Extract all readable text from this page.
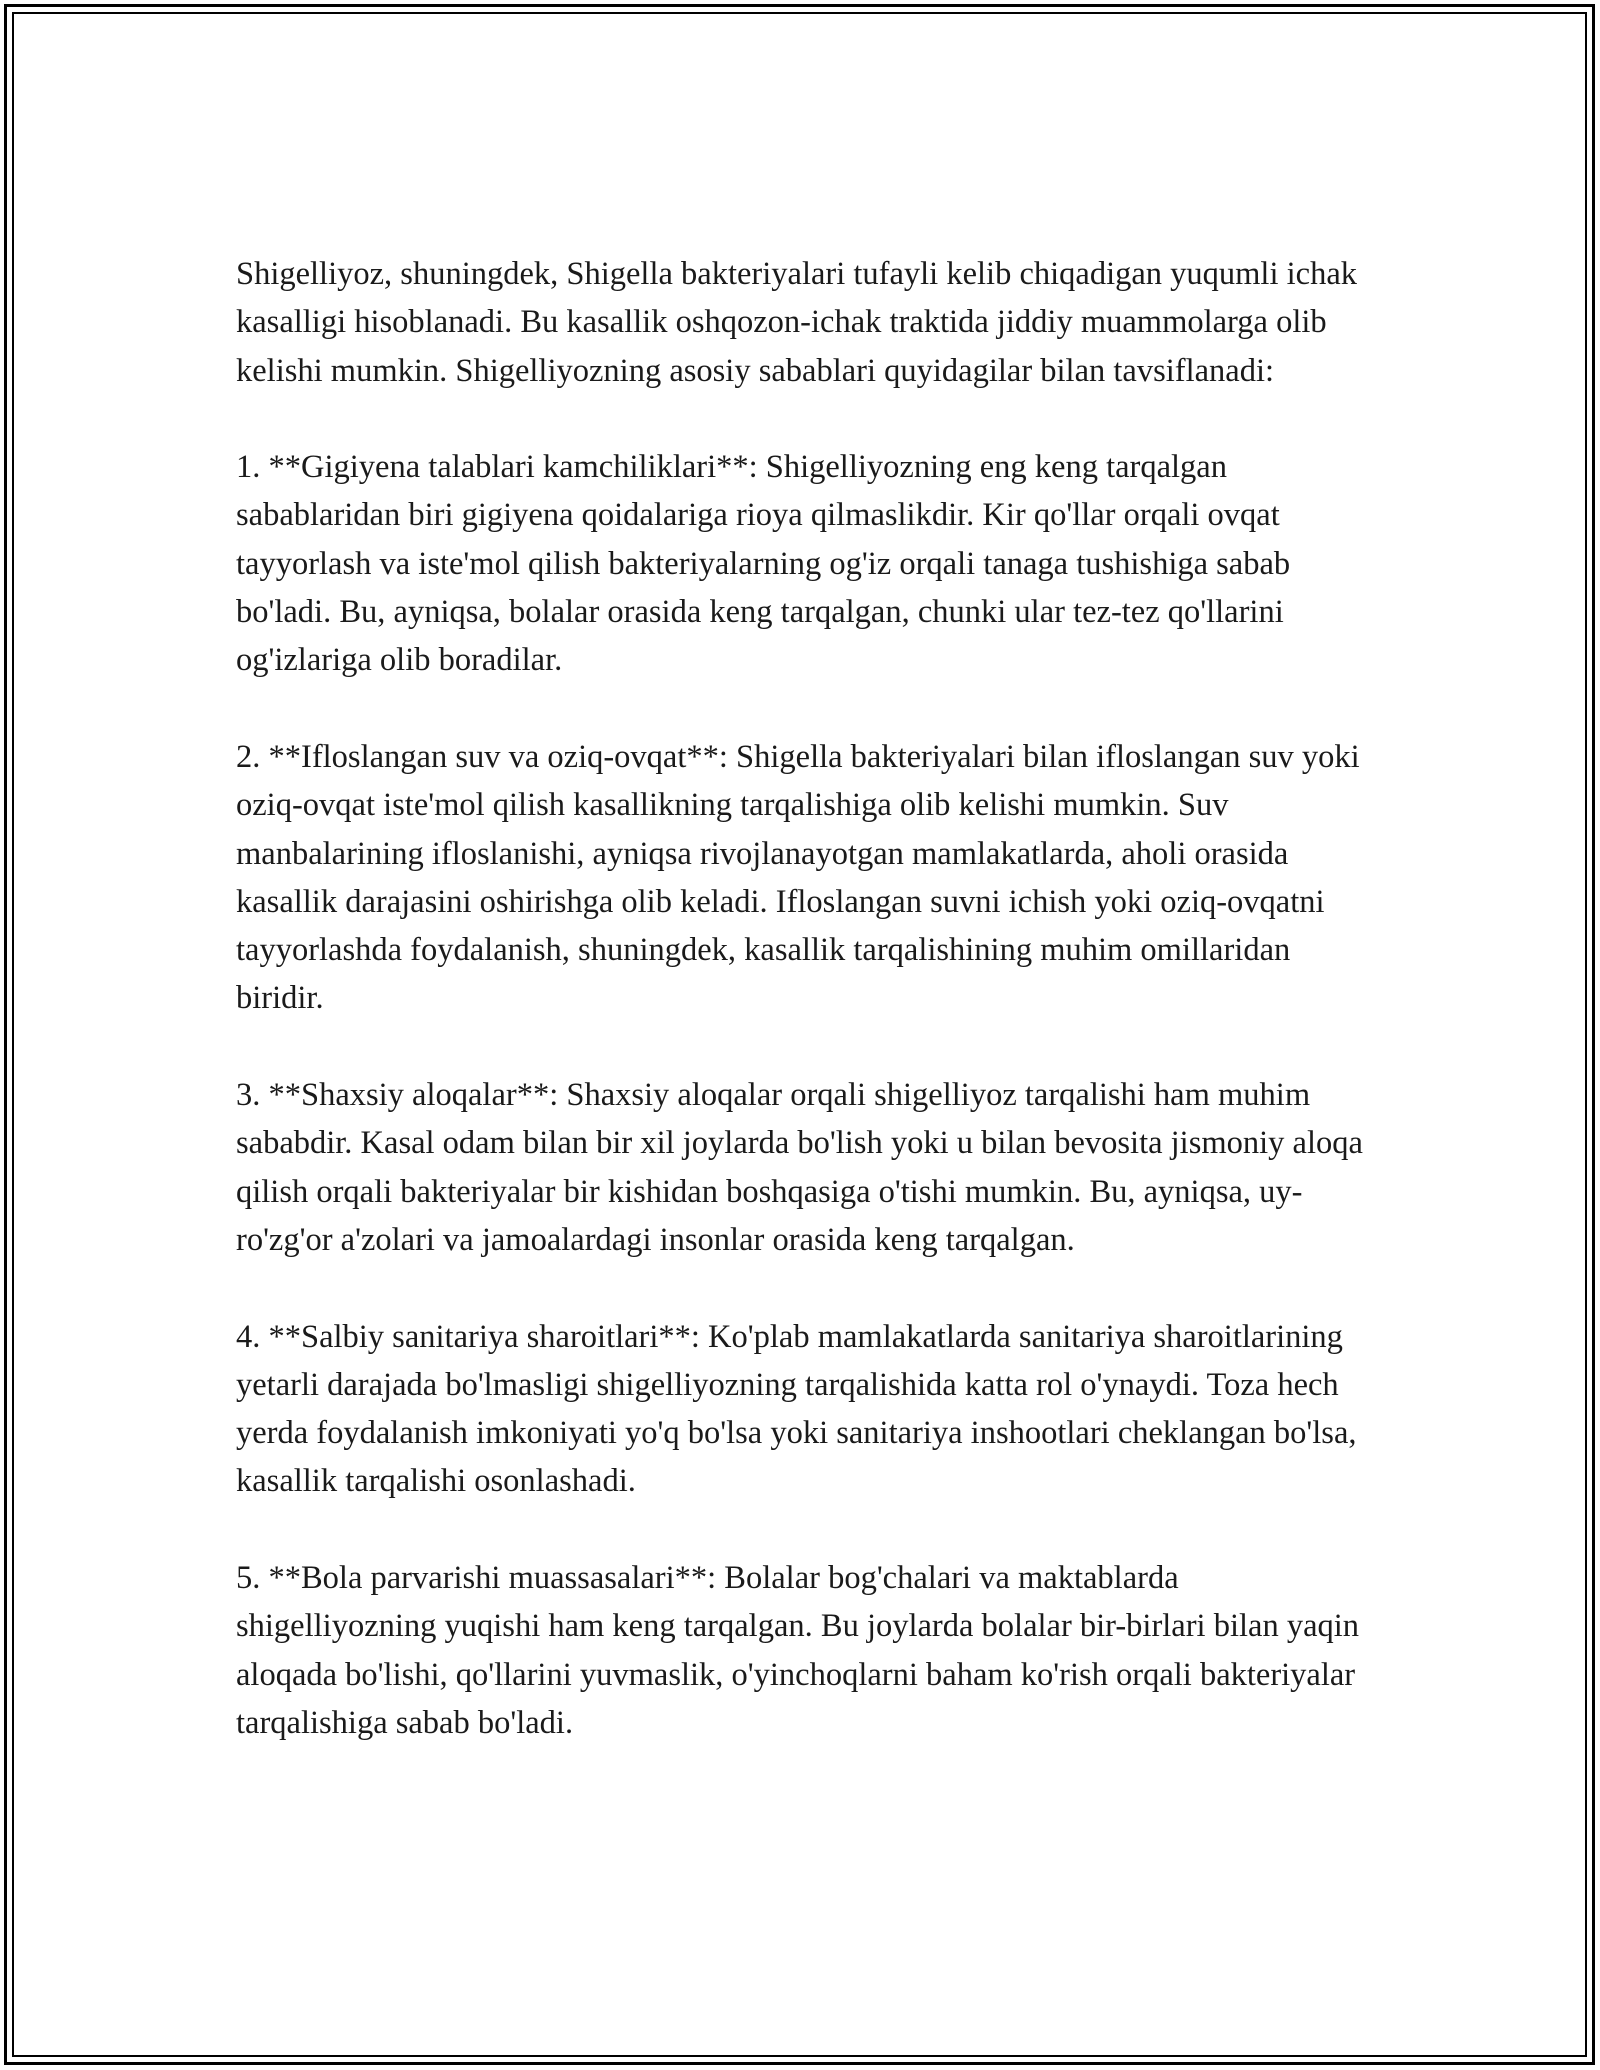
Shigelliyoz, shuningdek, Shigella bakteriyalari tufayli kelib chiqadigan yuqumli ichak kasalligi hisoblanadi. Bu kasallik oshqozon-ichak traktida jiddiy muammolarga olib kelishi mumkin. Shigelliyozning asosiy sabablari quyidagilar bilan tavsiflanadi:

1. **Gigiyena talablari kamchiliklari**: Shigelliyozning eng keng tarqalgan sabablaridan biri gigiyena qoidalariga rioya qilmaslikdir. Kir qo'llar orqali ovqat tayyorlash va iste'mol qilish bakteriyalarning og'iz orqali tanaga tushishiga sabab bo'ladi. Bu, ayniqsa, bolalar orasida keng tarqalgan, chunki ular tez-tez qo'llarini og'izlariga olib boradilar.

2. **Ifloslangan suv va oziq-ovqat**: Shigella bakteriyalari bilan ifloslangan suv yoki oziq-ovqat iste'mol qilish kasallikning tarqalishiga olib kelishi mumkin. Suv manbalarining ifloslanishi, ayniqsa rivojlanayotgan mamlakatlarda, aholi orasida kasallik darajasini oshirishga olib keladi. Ifloslangan suvni ichish yoki oziq-ovqatni tayyorlashda foydalanish, shuningdek, kasallik tarqalishining muhim omillaridan biridir.

3. **Shaxsiy aloqalar**: Shaxsiy aloqalar orqali shigelliyoz tarqalishi ham muhim sababdir. Kasal odam bilan bir xil joylarda bo'lish yoki u bilan bevosita jismoniy aloqa qilish orqali bakteriyalar bir kishidan boshqasiga o'tishi mumkin. Bu, ayniqsa, uy-ro'zg'or a'zolari va jamoalardagi insonlar orasida keng tarqalgan.

4. **Salbiy sanitariya sharoitlari**: Ko'plab mamlakatlarda sanitariya sharoitlarining yetarli darajada bo'lmasligi shigelliyozning tarqalishida katta rol o'ynaydi. Toza hech yerda foydalanish imkoniyati yo'q bo'lsa yoki sanitariya inshootlari cheklangan bo'lsa, kasallik tarqalishi osonlashadi.

5. **Bola parvarishi muassasalari**: Bolalar bog'chalari va maktablarda shigelliyozning yuqishi ham keng tarqalgan. Bu joylarda bolalar bir-birlari bilan yaqin aloqada bo'lishi, qo'llarini yuvmaslik, o'yinchoqlarni baham ko'rish orqali bakteriyalar tarqalishiga sabab bo'ladi.
